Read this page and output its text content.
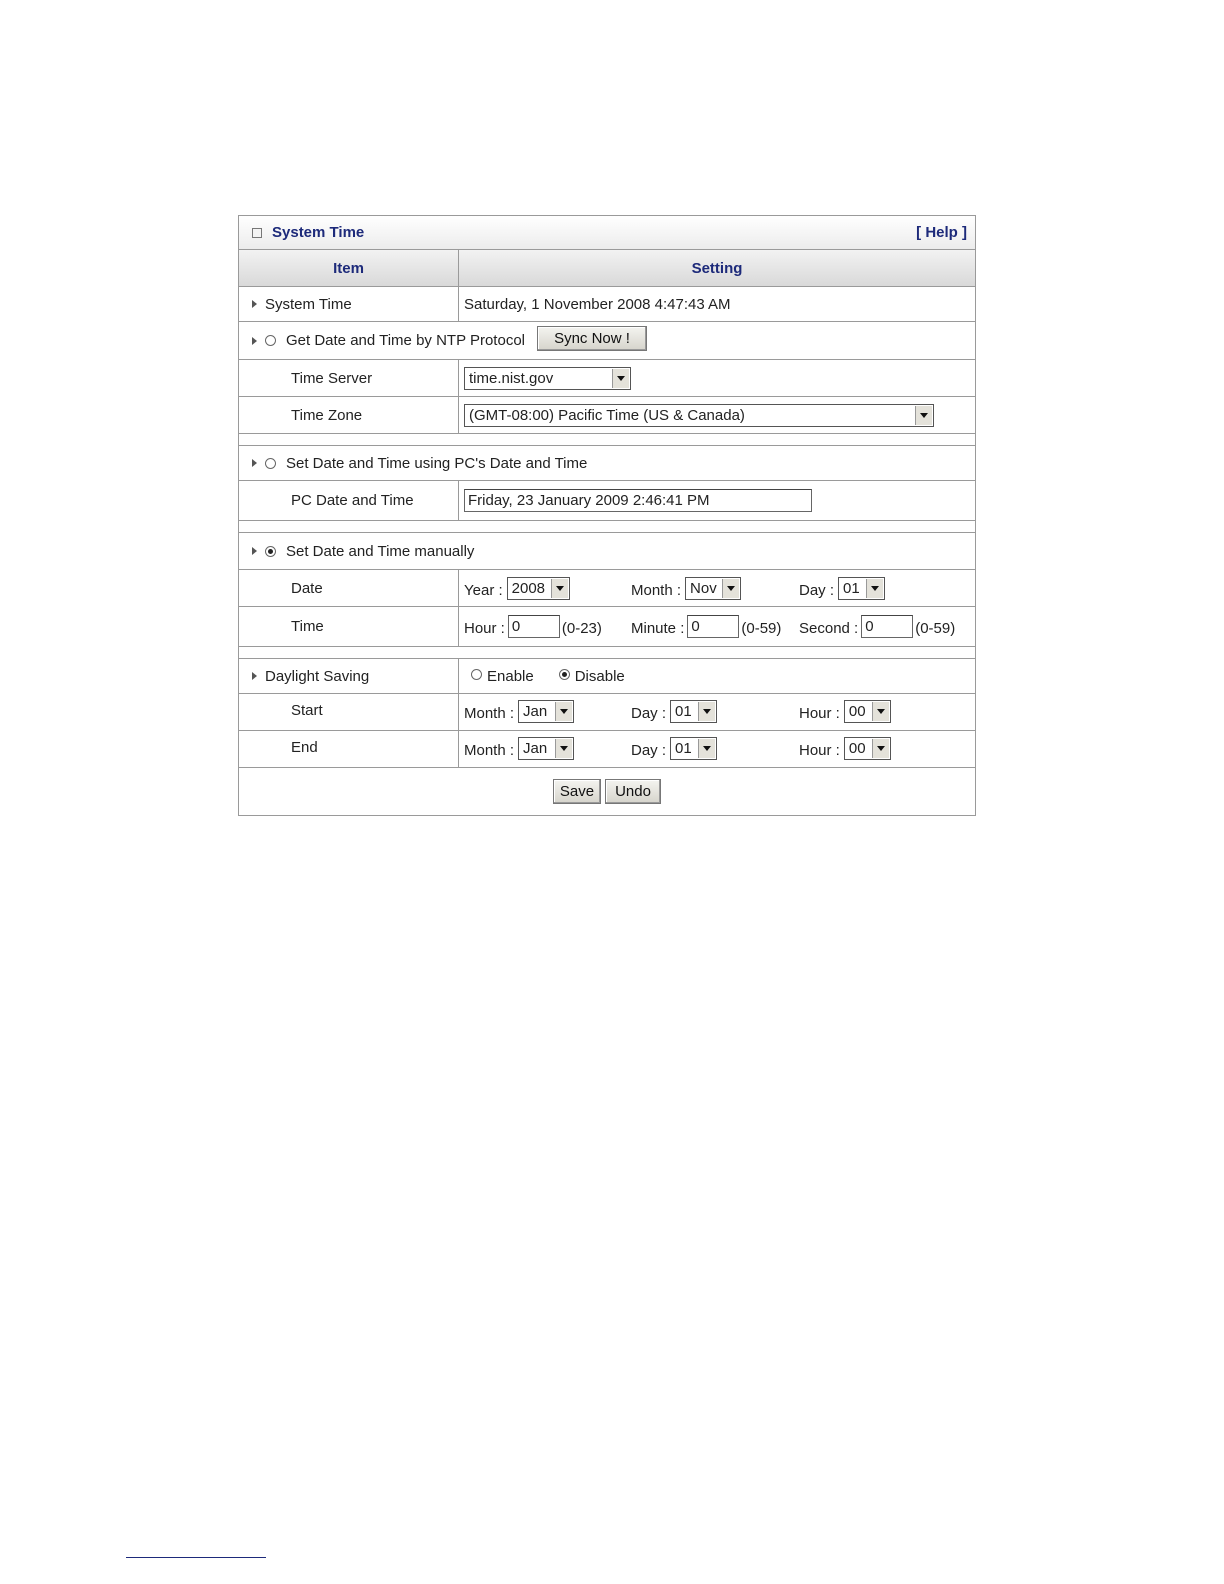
System Time	[ Help ]
Item	Setting
System Time	Saturday, 1 November 2008 4:47:43 AM
Get Date and Time by NTP Protocol	Sync Now !
Time Server	time.nist.gov
Time Zone	(GMT-08:00) Pacific Time (US & Canada)
Set Date and Time using PC's Date and Time
PC Date and Time	Friday, 23 January 2009 2:46:41 PM
Set Date and Time manually
Date	Year : 2008	Month : Nov	Day : 01
Time	Hour : 0	(0-23) Minute : 0	(0-59) Second : 0	(0-59)
Daylight Saving	Enable	Disable
Start	Month : Jan	Day : 01	Hour : 00
End	Month : Jan	Day : 01	Hour : 00
Save	Undo
